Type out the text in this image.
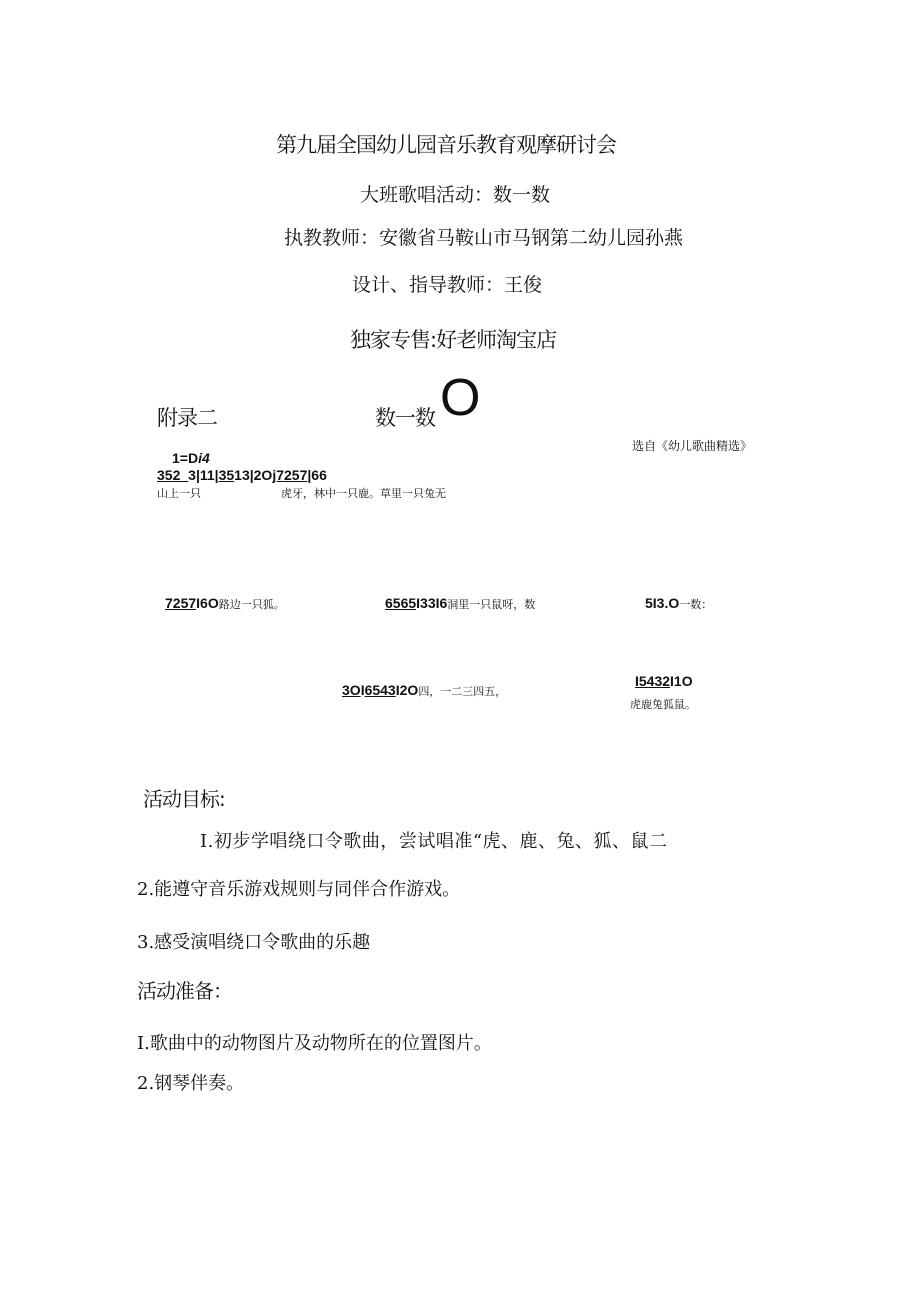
第九届全国幼儿园音乐教育观摩研讨会
大班歌唱活动：数一数
执教教师：安徽省马鞍山市马钢第二幼儿园孙燕
设计、指导教师：王俊
独家专售:好老师淘宝店
附录二	数一数 O
选自《幼儿歌曲精选》
1=Di4
352_3|11|3513|2Oj7257|66
山上一只	虎牙，林中一只鹿。草里一只兔无
7257I6O路边一只狐。	6565I33I6洞里一只鼠呀，数	5I3.O一数：
3OI6543I2O四，一二三四五，
I5432I1O
虎鹿兔狐鼠。
活动目标:
I.初步学唱绕口令歌曲，尝试唱准“虎、鹿、兔、狐、鼠二
2.能遵守音乐游戏规则与同伴合作游戏。
3.感受演唱绕口令歌曲的乐趣
活动准备：
I.歌曲中的动物图片及动物所在的位置图片。
2.钢琴伴奏。
